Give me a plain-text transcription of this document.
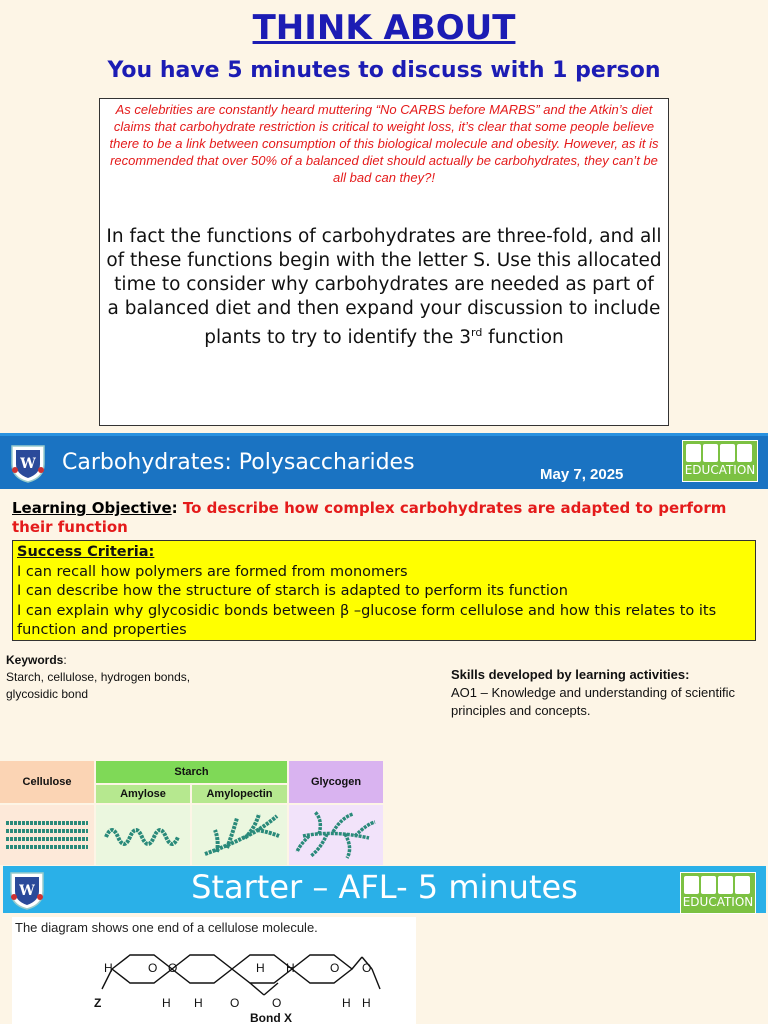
THINK ABOUT
You have 5 minutes to discuss with 1 person
As celebrities are constantly heard muttering “No CARBS before MARBS” and the Atkin’s diet claims that carbohydrate restriction is critical to weight loss, it’s clear that some people believe there to be a link between consumption of this biological molecule and obesity. However, as it is recommended that over 50% of a balanced diet should actually be carbohydrates, they can’t be all bad can they?!
In fact the functions of carbohydrates are three-fold, and all of these functions begin with the letter S. Use this allocated time to consider why carbohydrates are needed as part of a balanced diet and then expand your discussion to include plants to try to identify the 3rd function
W Carbohydrates: Polysaccharides	May 7, 2025	EDUCATION
Learning Objective: To describe how complex carbohydrates are adapted to perform their function
Success Criteria:
I can recall how polymers are formed from monomers
I can describe how the structure of starch is adapted to perform its function
I can explain why glycosidic bonds between β –glucose form cellulose and how this relates to its function and properties
Keywords:
Starch, cellulose, hydrogen bonds,
glycosidic bond
Skills developed by learning activities:
AO1 – Knowledge and understanding of scientific
principles and concepts.
Cellulose
Starch
Amylose	Amylopectin
Glycogen
W	Starter – AFL- 5 minutes	EDUCATION
The diagram shows one end of a cellulose molecule.
H	O O	H H	O O
Z	H H O	O	H H
Bond X
